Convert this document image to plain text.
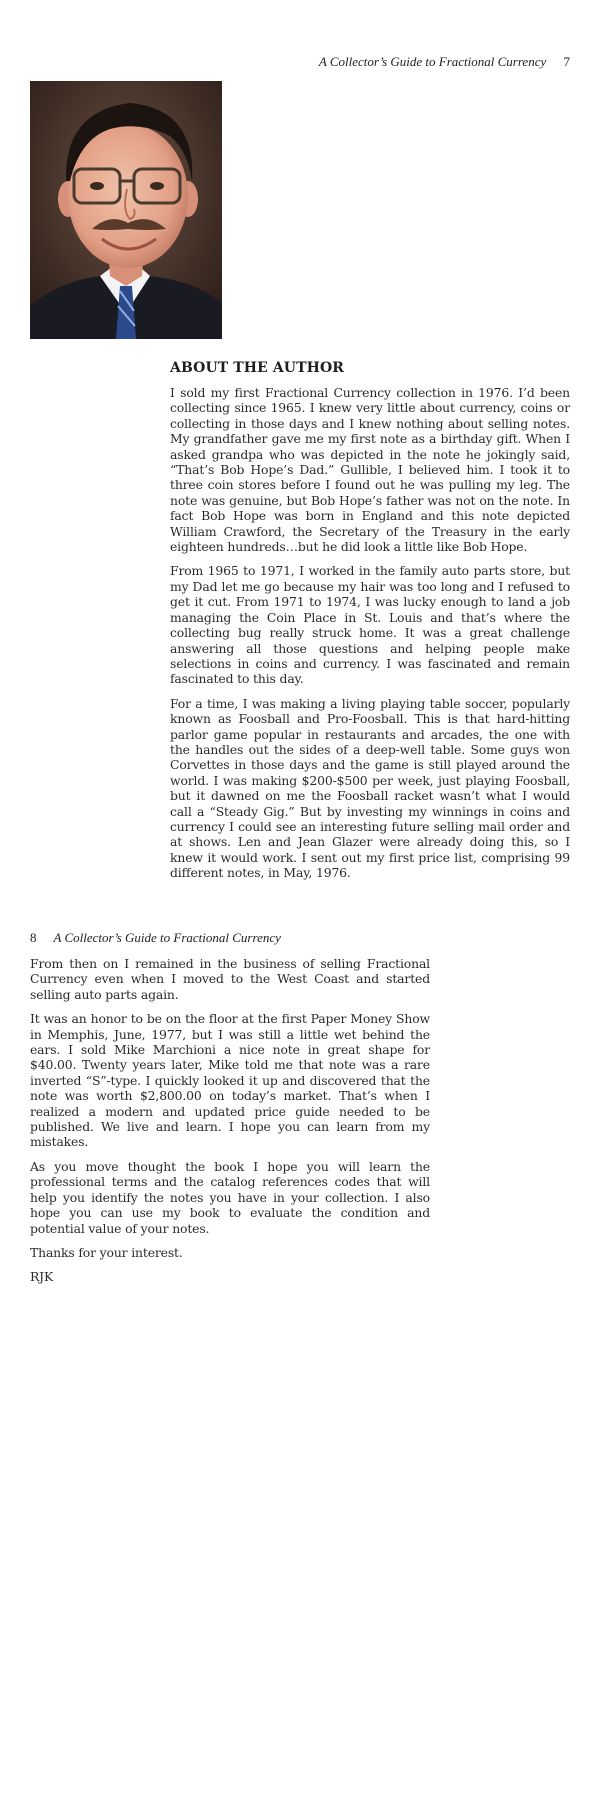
A Collector’s Guide to Fractional Currency 7
ABOUT THE AUTHOR

I sold my first Fractional Currency collection in 1976. I’d been collecting since 1965. I knew very little about currency, coins or collecting in those days and I knew nothing about selling notes. My grandfather gave me my first note as a birthday gift. When I asked grandpa who was depicted in the note he jokingly said, “That’s Bob Hope’s Dad.” Gullible, I believed him. I took it to three coin stores before I found out he was pulling my leg. The note was genuine, but Bob Hope’s father was not on the note. In fact Bob Hope was born in England and this note depicted William Crawford, the Secretary of the Treasury in the early eighteen hundreds…but he did look a little like Bob Hope.

From 1965 to 1971, I worked in the family auto parts store, but my Dad let me go because my hair was too long and I refused to get it cut. From 1971 to 1974, I was lucky enough to land a job managing the Coin Place in St. Louis and that’s where the collecting bug really struck home. It was a great challenge answering all those questions and helping people make selections in coins and currency. I was fascinated and remain fascinated to this day.

For a time, I was making a living playing table soccer, popularly known as Foosball and Pro-Foosball. This is that hard-hitting parlor game popular in restaurants and arcades, the one with the handles out the sides of a deep-well table. Some guys won Corvettes in those days and the game is still played around the world. I was making $200-$500 per week, just playing Foosball, but it dawned on me the Foosball racket wasn’t what I would call a “Steady Gig.” But by investing my winnings in coins and currency I could see an interesting future selling mail order and at shows. Len and Jean Glazer were already doing this, so I knew it would work. I sent out my first price list, comprising 99 different notes, in May, 1976.

8 A Collector’s Guide to Fractional Currency

From then on I remained in the business of selling Fractional Currency even when I moved to the West Coast and started selling auto parts again.

It was an honor to be on the floor at the first Paper Money Show in Memphis, June, 1977, but I was still a little wet behind the ears. I sold Mike Marchioni a nice note in great shape for $40.00. Twenty years later, Mike told me that note was a rare inverted “S”-type. I quickly looked it up and discovered that the note was worth $2,800.00 on today’s market. That’s when I realized a modern and updated price guide needed to be published. We live and learn. I hope you can learn from my mistakes.

As you move thought the book I hope you will learn the professional terms and the catalog references codes that will help you identify the notes you have in your collection. I also hope you can use my book to evaluate the condition and potential value of your notes.

Thanks for your interest.

RJK
